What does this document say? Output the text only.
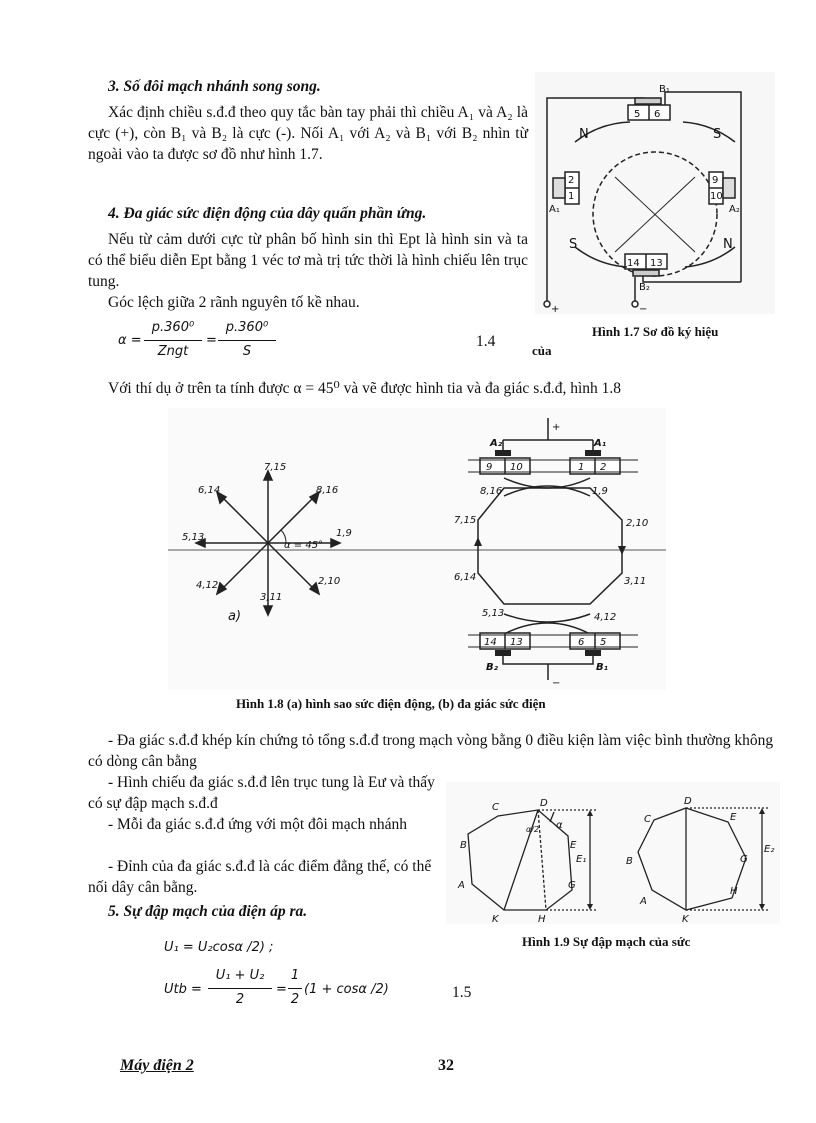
3. Số đôi mạch nhánh song song.
Xác định chiều s.đ.đ theo quy tắc bàn tay phải thì chiều A₁ và A₂ là cực (+), còn B₁ và B₂ là cực (-). Nối A₁ với A₂ và B₁ với B₂ nhìn từ ngoài vào ta được sơ đồ như hình 1.7.
4. Đa giác sức điện động của dây quấn phần ứng.
Nếu từ cảm dưới cực từ phân bố hình sin thì Ept là hình sin và ta có thể biểu diễn Ept bằng 1 véc tơ mà trị tức thời là hình chiếu lên trục tung.
Góc lệch giữa 2 rãnh nguyên tố kề nhau.
α =
p.360⁰
Zngt
=
p.360⁰
S
1.4
Với thí dụ ở trên ta tính được α = 45⁰ và vẽ được hình tia và đa giác s.đ.đ, hình 1.8
B₁
5 6
14 13
B₂
2
1
9
10
A₁	A₂
N	S
S	N
+	−
Hình 1.7 Sơ đồ ký hiệu
của
7,15
8,16
1,9
2,10
3,11
4,12
5,13
6,14
α = 45°
a)
A₂	A₁
+
9 10	1 2
1,9
2,10
3,11
4,12
5,13
6,14
7,15
8,16
14 13	6 5
B₂	B₁
−
Hình 1.8 (a) hình sao sức điện động, (b) đa giác sức điện
- Đa giác s.đ.đ khép kín chứng tỏ tổng s.đ.đ trong mạch vòng bằng 0 điều kiện làm việc bình thường không có dòng cân bằng
- Hình chiếu đa giác s.đ.đ lên trục tung là Eư và thấy có sự đập mạch s.đ.đ
- Mỗi đa giác s.đ.đ ứng với một đôi mạch nhánh
- Đỉnh của đa giác s.đ.đ là các điểm đẳng thế, có thể nối dây cân bằng.
5. Sự đập mạch của điện áp ra.
U₁ = U₂cosα /2) ;
Utb =
U₁ + U₂
2
=
1
2
(1 + cosα /2)	1.5
C	D
B	E
A	G
K	H
E₁
α/2 α
D
C	E
B	G
A
H
K
E₂
Hình 1.9 Sự đập mạch của sức
Máy điện 2	32
